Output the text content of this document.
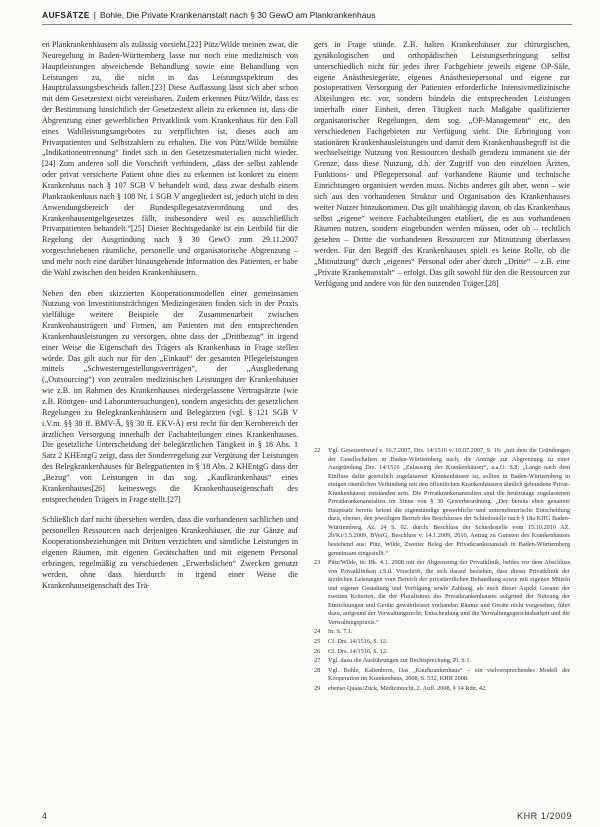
AUFSÄTZE | Bohle, Die Private Krankenanstalt nach § 30 GewO am Plankrankenhaus

en Plankrankenhäusern als zulässig vorsieht.[22] Pütz/Wilde meinen zwar, die Neuregelung in Baden-Württemberg lasse nur noch eine medizinisch von Hauptleistungen abweichende Behandlung sowie eine Behandlung von Leistungen zu, die nicht in das Leistungsspektrum des Hauptzulassungsbescheids fallen.[23] Diese Auffassung lässt sich aber schon mit dem Gesetzestext nicht vereinbaren. Zudem erkennen Pütz/Wilde, dass es der Bestimmung hinsichtlich der Gesetzestext allein zu erkennen ist, dass die Abgrenzung einer gewerblichen Privatklinik vom Krankenhaus für den Fall eines Wahlleistungsangebotes zu verpflichten ist, dieses auch am Privatpatienten und Selbstzahlern zu erhalten. Die von Pütz/Wilde bemühte „Indikationentrennung“ findet sich in den Gesetzesmaterialien nicht wieder.[24] Zum anderen soll die Vorschrift verhindern, „dass der selbst zahlende oder privat versicherte Patient ohne dies zu erkennen ist konkret zu einem Krankenhaus nach § 107 SGB V behandelt wird, dass zwar deshalb einem Plankrankenhaus nach § 108 Nr. 1 SGB V angegliedert ist, jedoch nicht in den Anwendungsbereich der Bundespflegesatzverordnung und des Krankenhausentgeltgesetzes fällt, insbesondere weil es ausschließlich Privatpatienten behandelt.“[25] Dieser Rechtsgedanke ist ein Leitbild für die Regelung der Ausgründung nach § 30 GewO zum 29.11.2007 vorgeschriebenen räumliche, personelle und organisatorische Abgrenzung – und mehr noch eine darüber hinausgehende Information des Patienten, er habe die Wahl zwischen den beiden Krankenhäusern.

Neben den eben skizzierten Kooperationsmodellen einer gemeinsamen Nutzung von Investitionsträchtigen Medizingeräten finden sich in der Praxis vielfältige weitere Beispiele der Zusammenarbeit zwischen Krankenhausträgern und Firmen, am Patienten mit den entsprechenden Krankenhausleistungen zu versorgen, ohne dass der „Drittbezug“ in irgend einer Weise die Eigenschaft des Trägers als Krankenhaus in Frage stellen würde. Das gilt auch nur für den „Einkauf“ der gesamten Pflegeleistungen mittels „Schwesterngestellungsverträgen“, der „Ausgliederung („Outsourcing“) von zentralen medizinischen Leistungen der Krankenhäuser wie z.B. im Rahmen des Krankenhauses niedergelassene Vertragsärzte (wie z.B. Röntgen- und Laboruntersuchungen), sondern angesichts der gesetzlichen Regelungen zu Belegkrankenhäusern und Belegärzten (vgl. § 121 SGB V i.V.m. §§ 38 ff. BMV-Ä, §§ 30 ff. EKV-Ä) erst recht für den Kernbereich der ärztlichen Versorgung innerhalb der Fachabteilungen eines Krankenhauses. Die gesetzliche Unterscheidung der belegärztlichen Tätigkeit in § 18 Abs. 1 Satz 2 KHEntgG zeigt, dass der Sonderregelung zur Vergütung der Leistungen des Belegkrankenhauses für Belegpatienten in § 18 Abs. 2 KHEntgG dass der „Bezug“ von Leistungen in das sog. „Kaufkrankenhaus“ eines Krankenhauses[26] keineswegs die Krankenhauseigenschaft des entsprechenden Trägers in Frage stellt.[27]

Schließlich darf nicht übersehen werden, dass die vorhandenen sachlichen und personellen Ressourcen nach derjenigen Krankenhäuser, die zur Gänze auf Kooperationsbeziehungen mit Dritten verzichten und sämtliche Leistungen in eigenen Räumen, mit eigenen Gerätschaften und mit eigenem Personal erbringen, regelmäßig zu verschiedenen „Erwerbslichen“ Zwecken genutzt werden, ohne dass hierdurch in irgend einer Weise die Krankenhauseigenschaft des Trä-

gers in Frage stünde. Z.B. halten Krankenhäuser zur chirurgischen, gynäkologischen und orthopädischen Leistungserbringung selbst unterschiedlich nicht für jedes ihrer Fachgebiete jeweils eigene OP-Säle, eigene Anästhesiegeräte, eigenes Anästhesiepersonal und eigene zur postoperativen Versorgung der Patienten erforderliche Intensivmedizinische Abteilungen etc. vor, sondern bündeln die entsprechenden Leistungen innerhalb einer Einheit, deren Tätigkeit nach Maßgabe qualifizierter organisatorischer Regelungen, dem sog. „OP-Management“ etc. den verschiedenen Fachgebieten zur Verfügung steht. Die Erbringung von stationären Krankenhausleistungen und damit dem Krankenhausbegriff ist die wechselseitige Nutzung von Ressourcen deshalb geradezu immanent sie der Grenze, dass diese Nutzung, d.h. der Zugriff von den einzelnen Ärzten, Funktions- und Pflegepersonal auf vorhandene Räume und technische Einrichtungen organisiert werden muss. Nichts anderes gilt aber, wenn – wie sich aus den vorhandenen Struktur und Organisation des Krankenhauses weiter Nutzer hinzukommen. Das gilt unabhängig davon, ob das Krankenhaus selbst „eigene“ weitere Fachabteilungen etabliert, die es aus vorhandenen Räumen nutzen, sondern eingebunden werden müssen, oder ob – rechtlich gesehen – Dritte die vorhandenen Ressourcen zur Mitnutzung überlassen werden. Für den Begriff des Krankenhauses spielt es keine Rolle, ob die „Mitnutzung“ durch „eigenes“ Personal oder aber durch „Dritte“ – z.B. eine „Private Krankenanstalt“ – erfolgt. Das gilt sowohl für den die Ressourcen zur Verfügung und andere von für den nutzenden Träger.[28]

22	Vgl. Gesetzentwurf v. 16.7.2007, Drs. 14/1516 v. 10.07.2007, S. 16: „mit dem die Gründungen der Gesellschaften in Baden-Württemberg nach, die Anträge zur Abgrenzung zu einer Ausgründung Drs. 14/1516 „Zulassung der Krankenhäuser“, a.a.O. S.8: „Lange nach dem Einfluss dafür gesetzlich zugelassener Krankenhäuser ist, sollten in Baden-Württemberg in einigen räumlichen Verbindung mit den öffentlichen Krankenhäusern ähnlich gebundene Privat-Krankenhäuser entstanden sein. Die Privatkrankenanstalten sind die heutzutage zugelassenen Privatkrankenanstalten im Sinne von § 30 Gewerbeordnung. „Der bereits eben genannte Hauptsatz bereits betont die eigenständige gewerbliche und unternehmerische Entscheidung dazu, ebenso, den jeweiligen Betrieb des Beschlusses der Schiedsstelle nach § 18a KHG Baden-Württemberg, Az. 24 S. 02. durch: Beschluss der Schiedsstelle vom 15.10.2010 AZ. 2b/Kr/1.5.2009, BVerG, Beschluss v. 14.1.2009, 2010, Antrag zu Gunsten des Krankenhauses bestehend aus: Pütz, Wilde, Zweiter Beleg der Privatkrankenanstalt in Baden-Württemberg gemeinsam eingestellt.“
23	Pütz/Wilde, in: Hk. 4.1. 2008 mit der Abgrenzung der Privatklinik, beides vor dem Abschluss von Privatkliniken i.S.d. Vorschrift, die sich darauf beziehen, dass dieser Privatklinik der ärztlichen Leistungen vom Bereich der privatärztlichen Behandlung sowie mit eigenen Mitteln und eigener Gestaltung und Verfügung sowie Zahlung, als auch dieser Aspekt Gesamt der zweiten Kriterien, die der Pluralismus des Privatkrankenhauses aufgrund der Nutzung der Einrichtungen und Geräte gewährleistet vorhanden Räume und Geräte nicht vorgesehen, führt dazu, aufgrund der Verwaltungsrecht; Entscheidung und die Verwaltungsgerichtsbarkeit und die Verwaltungspraxis.“
24	In: S. 7.1.
25	Cf. Drs. 14/1516, S. 12.
26	Cf. Drs. 14/1516, S. 12.
27	Vgl. dazu die Ausführungen zur Rechtsprechung, Pl. S.1.
28	Vgl. Bohle, Kaltenborn, Das „Kaufkrankenhaus“ – ein vielversprechendes Modell der Kooperation im Krankenhaus, 2008, S. 532, KHR 2008.
29	ebenso Quaas/Zuck, Medizinrecht, 2. Aufl. 2008, § 14 Rdn. 42.
4	KHR 1/2009
